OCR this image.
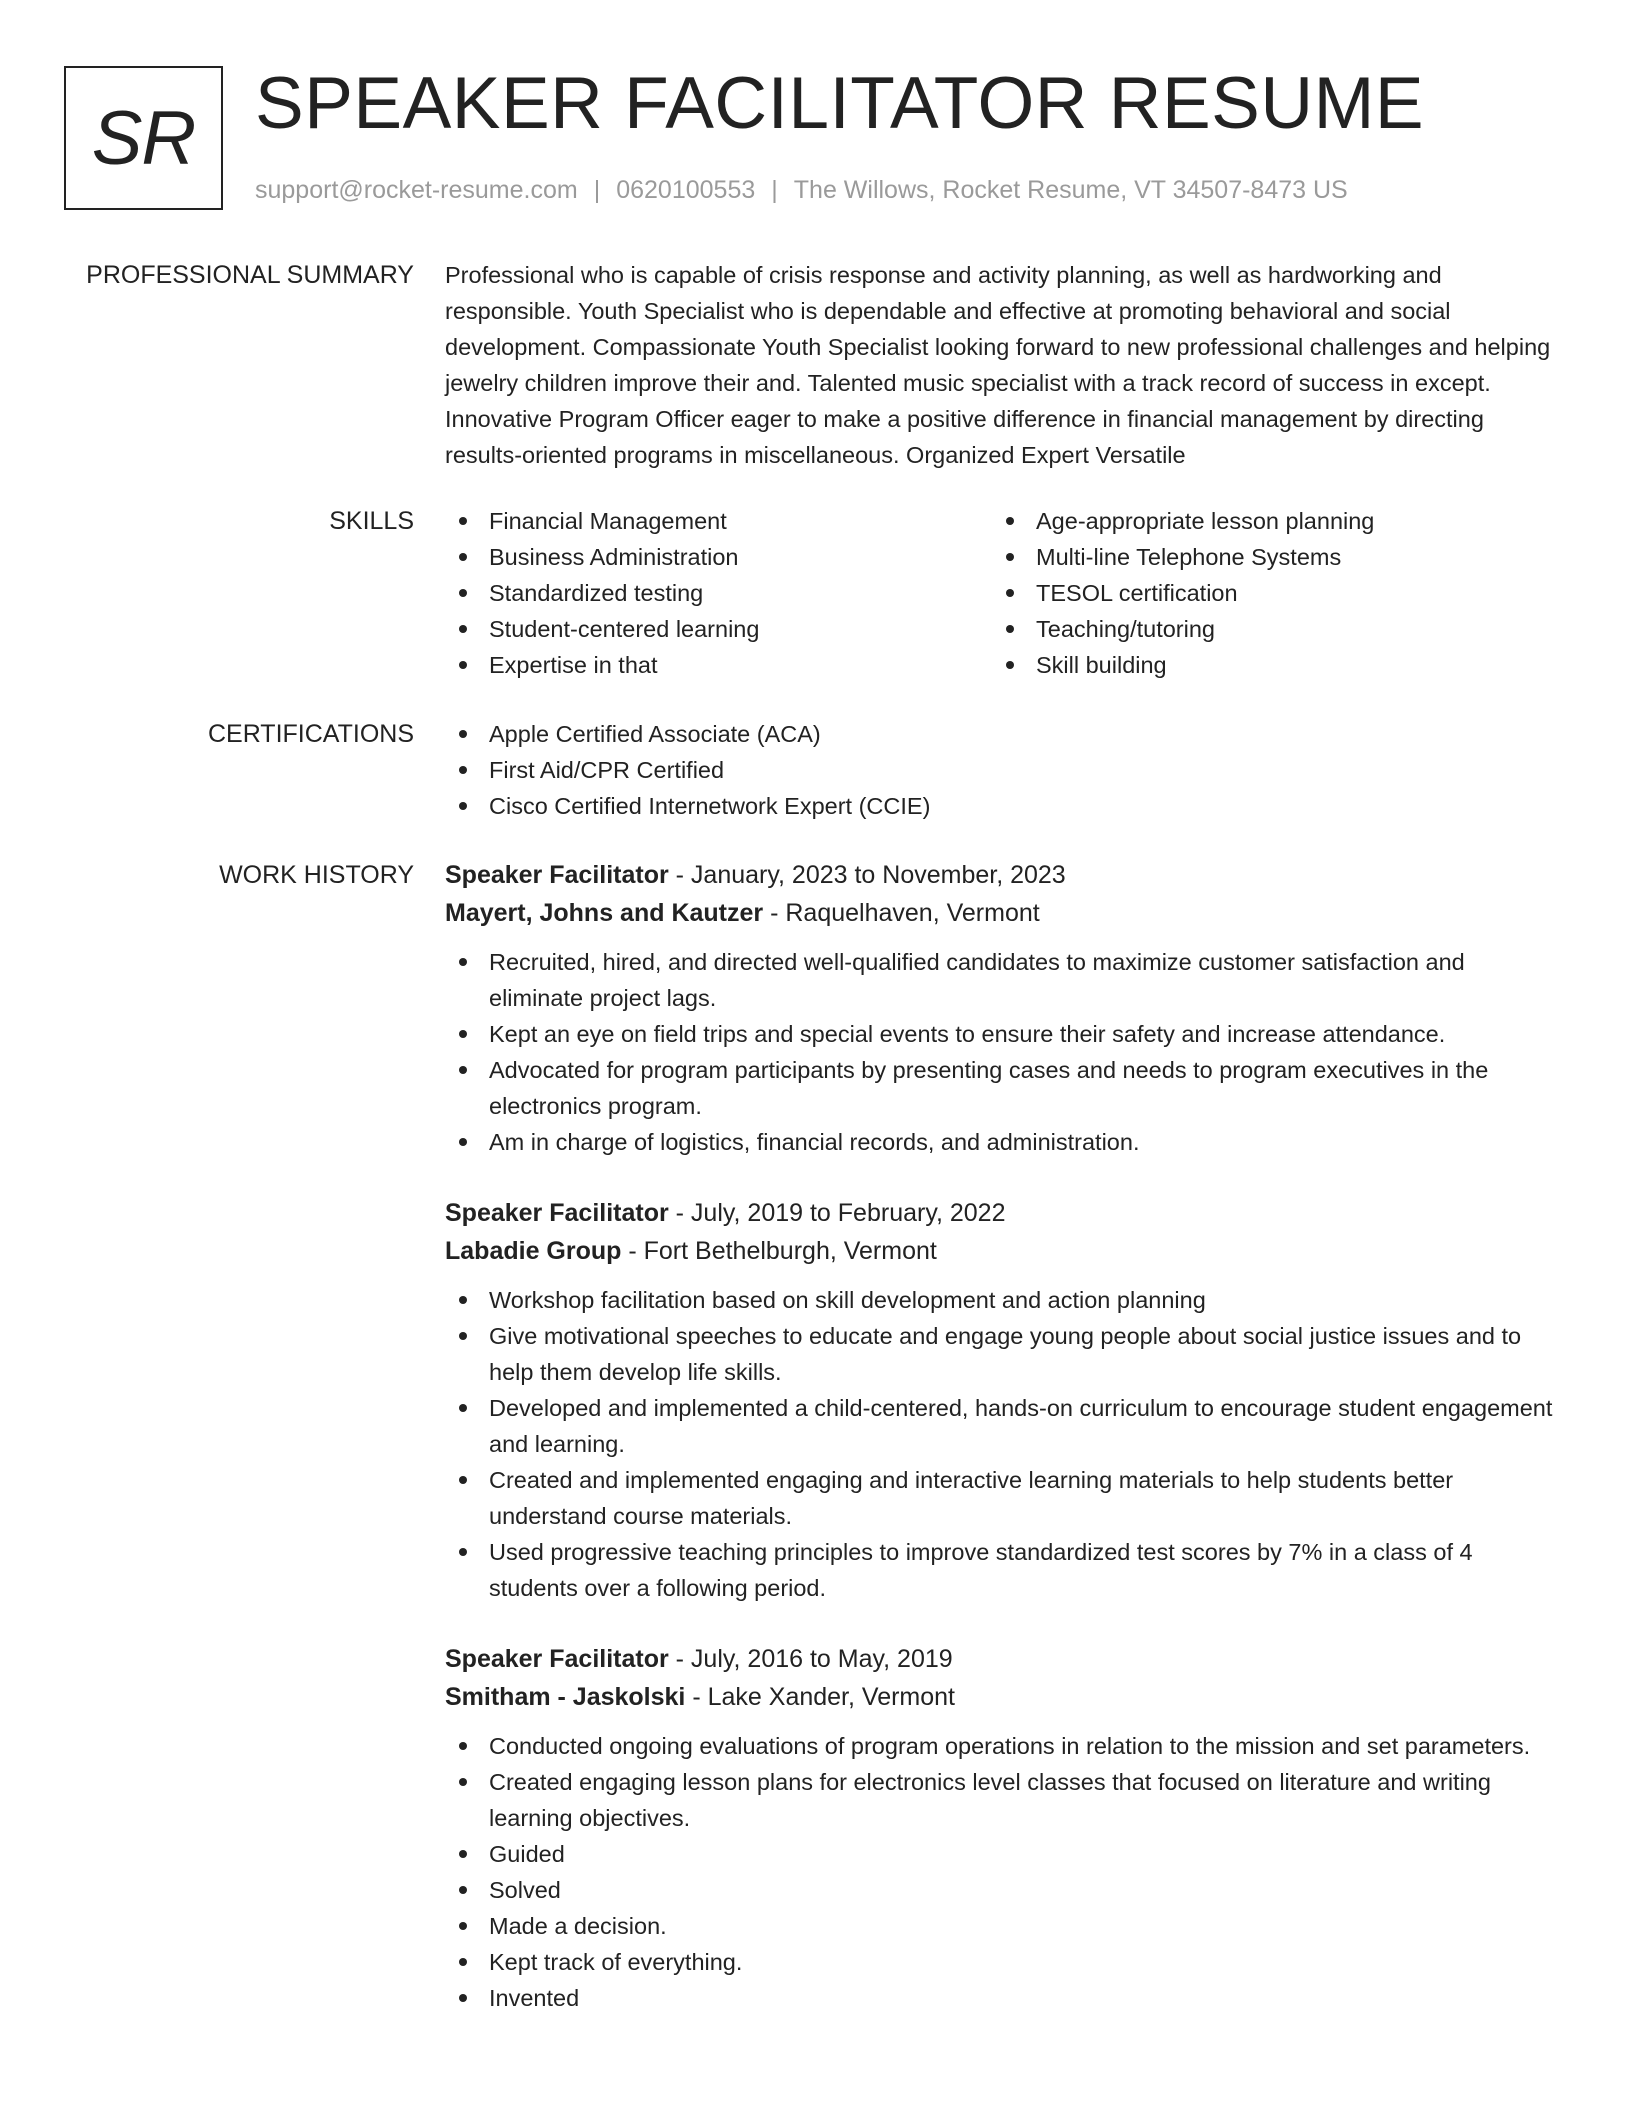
SR SPEAKER FACILITATOR RESUME
support@rocket-resume.com | 0620100553 | The Willows, Rocket Resume, VT 34507-8473 US
PROFESSIONAL SUMMARY Professional who is capable of crisis response and activity planning, as well as hardworking and responsible. Youth Specialist who is dependable and effective at promoting behavioral and social development. Compassionate Youth Specialist looking forward to new professional challenges and helping jewelry children improve their and. Talented music specialist with a track record of success in except. Innovative Program Officer eager to make a positive difference in financial management by directing results-oriented programs in miscellaneous. Organized Expert Versatile
SKILLS	Financial Management
Business Administration
Standardized testing
Student-centered learning
Expertise in that
Age-appropriate lesson planning
Multi-line Telephone Systems
TESOL certification
Teaching/tutoring
Skill building
CERTIFICATIONS	Apple Certified Associate (ACA)
First Aid/CPR Certified
Cisco Certified Internetwork Expert (CCIE)
WORK HISTORY Speaker Facilitator - January, 2023 to November, 2023
Mayert, Johns and Kautzer - Raquelhaven, Vermont
Recruited, hired, and directed well-qualified candidates to maximize customer satisfaction and eliminate project lags.
Kept an eye on field trips and special events to ensure their safety and increase attendance.
Advocated for program participants by presenting cases and needs to program executives in the electronics program.
Am in charge of logistics, financial records, and administration.
Speaker Facilitator - July, 2019 to February, 2022
Labadie Group - Fort Bethelburgh, Vermont
Workshop facilitation based on skill development and action planning
Give motivational speeches to educate and engage young people about social justice issues and to help them develop life skills.
Developed and implemented a child-centered, hands-on curriculum to encourage student engagement and learning.
Created and implemented engaging and interactive learning materials to help students better understand course materials.
Used progressive teaching principles to improve standardized test scores by 7% in a class of 4 students over a following period.
Speaker Facilitator - July, 2016 to May, 2019
Smitham - Jaskolski - Lake Xander, Vermont
Conducted ongoing evaluations of program operations in relation to the mission and set parameters.
Created engaging lesson plans for electronics level classes that focused on literature and writing learning objectives.
Guided
Solved
Made a decision.
Kept track of everything.
Invented
